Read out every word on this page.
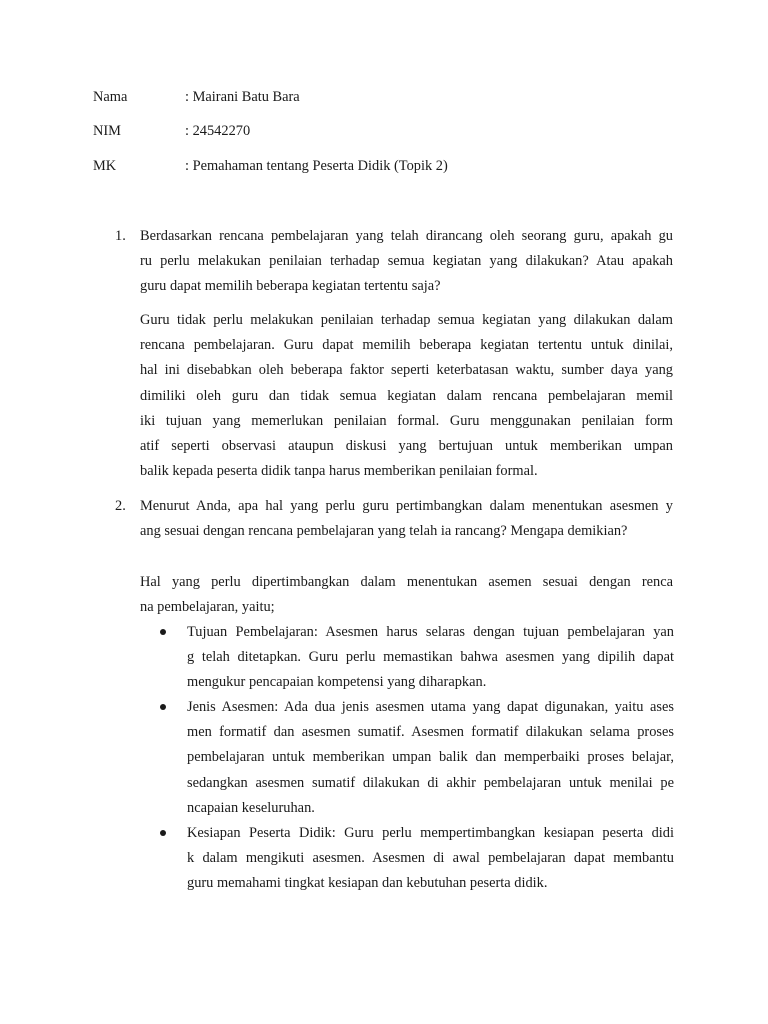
Nama	: Mairani Batu Bara
NIM	: 24542270
MK	: Pemahaman tentang Peserta Didik (Topik 2)
1. Berdasarkan rencana pembelajaran yang telah dirancang oleh seorang guru, apakah gu
ru perlu melakukan penilaian terhadap semua kegiatan yang dilakukan? Atau apakah
guru dapat memilih beberapa kegiatan tertentu saja?
Guru tidak perlu melakukan penilaian terhadap semua kegiatan yang dilakukan dalam
rencana pembelajaran. Guru dapat memilih beberapa kegiatan tertentu untuk dinilai,
hal ini disebabkan oleh beberapa faktor seperti keterbatasan waktu, sumber daya yang
dimiliki oleh guru dan tidak semua kegiatan dalam rencana pembelajaran memil
iki tujuan yang memerlukan penilaian formal. Guru menggunakan penilaian form
atif seperti observasi ataupun diskusi yang bertujuan untuk memberikan umpan
balik kepada peserta didik tanpa harus memberikan penilaian formal.
2. Menurut Anda, apa hal yang perlu guru pertimbangkan dalam menentukan asesmen y
ang sesuai dengan rencana pembelajaran yang telah ia rancang? Mengapa demikian?
Hal yang perlu dipertimbangkan dalam menentukan asemen sesuai dengan renca
na pembelajaran, yaitu;
Tujuan Pembelajaran: Asesmen harus selaras dengan tujuan pembelajaran yan
g telah ditetapkan. Guru perlu memastikan bahwa asesmen yang dipilih dapat
mengukur pencapaian kompetensi yang diharapkan.
Jenis Asesmen: Ada dua jenis asesmen utama yang dapat digunakan, yaitu ases
men formatif dan asesmen sumatif. Asesmen formatif dilakukan selama proses
pembelajaran untuk memberikan umpan balik dan memperbaiki proses belajar,
sedangkan asesmen sumatif dilakukan di akhir pembelajaran untuk menilai pe
ncapaian keseluruhan.
Kesiapan Peserta Didik: Guru perlu mempertimbangkan kesiapan peserta didi
k dalam mengikuti asesmen. Asesmen di awal pembelajaran dapat membantu
guru memahami tingkat kesiapan dan kebutuhan peserta didik.
